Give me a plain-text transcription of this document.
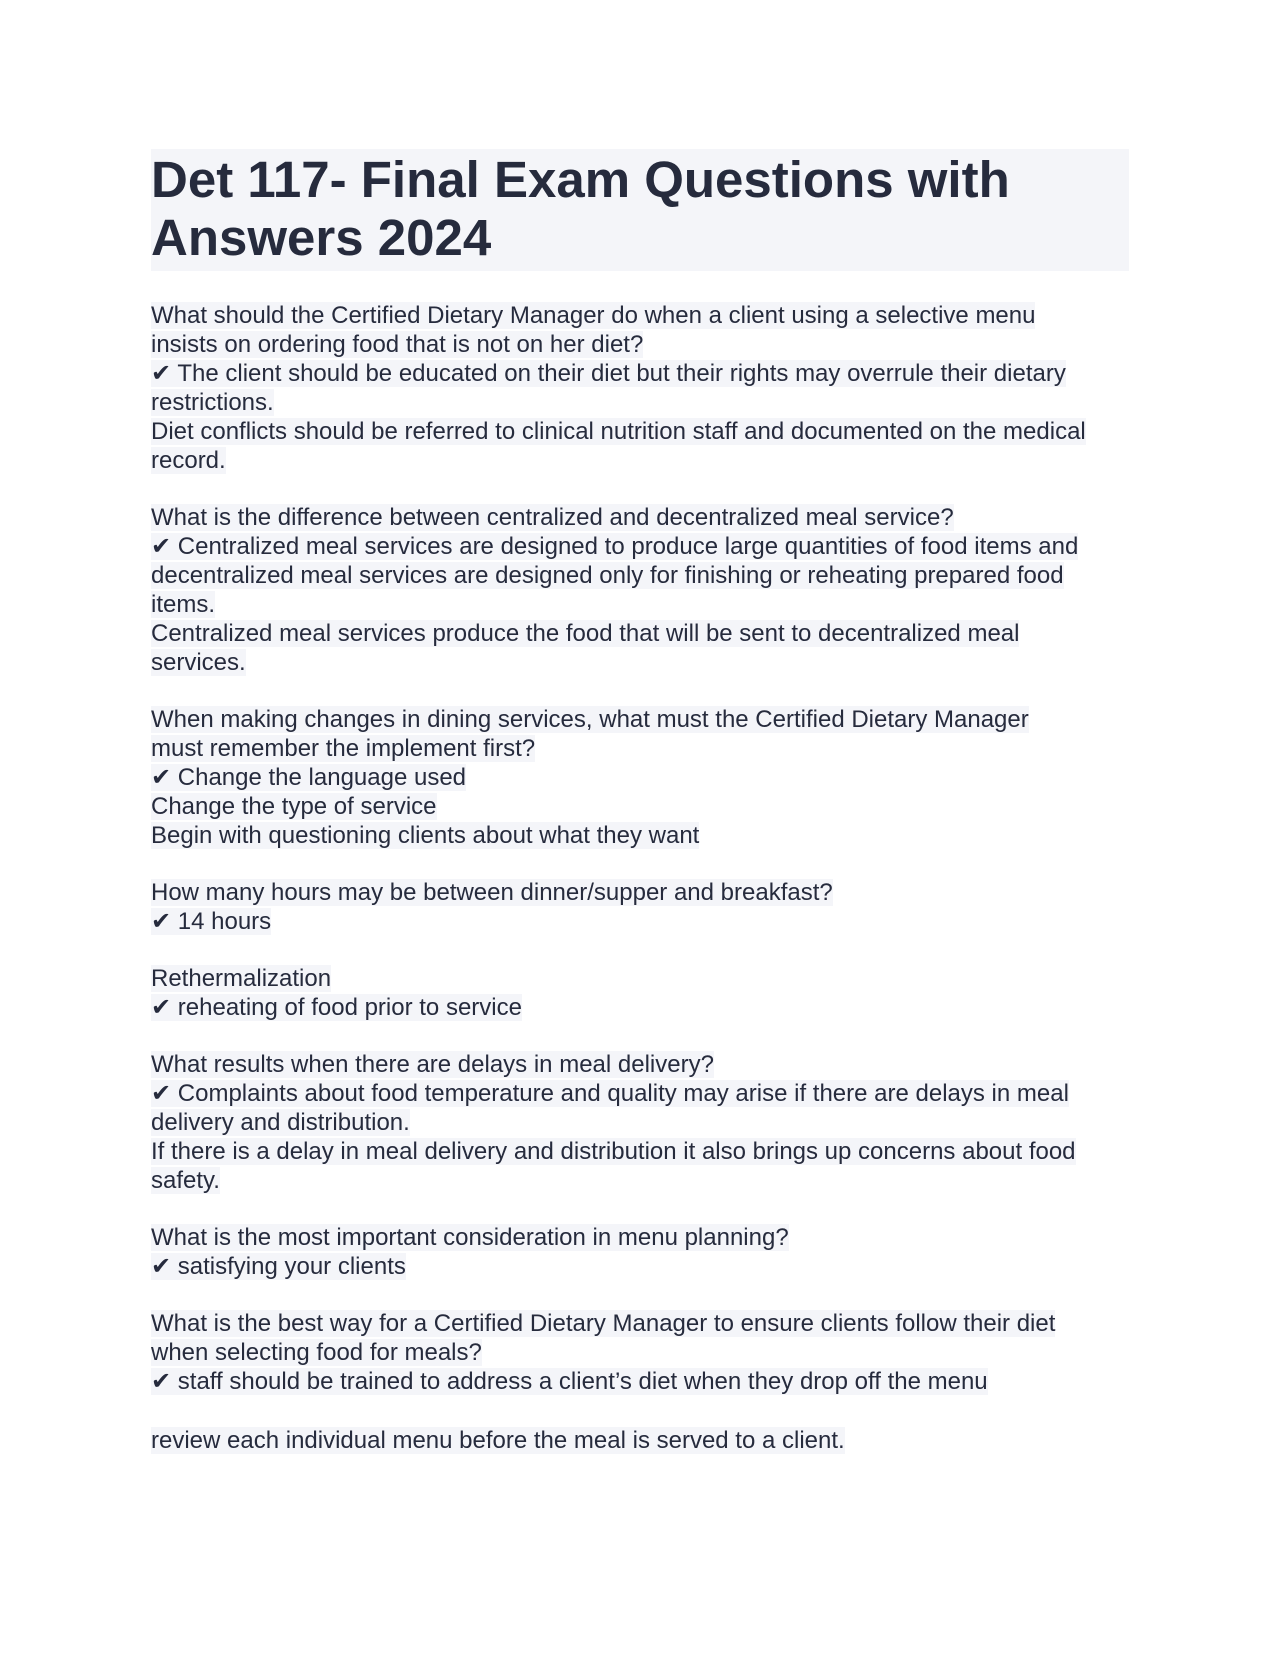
Det 117- Final Exam Questions with
Answers 2024
What should the Certified Dietary Manager do when a client using a selective menu
insists on ordering food that is not on her diet?
✔ The client should be educated on their diet but their rights may overrule their dietary
restrictions.
Diet conflicts should be referred to clinical nutrition staff and documented on the medical
record.
What is the difference between centralized and decentralized meal service?
✔ Centralized meal services are designed to produce large quantities of food items and
decentralized meal services are designed only for finishing or reheating prepared food
items.
Centralized meal services produce the food that will be sent to decentralized meal
services.
When making changes in dining services, what must the Certified Dietary Manager
must remember the implement first?
✔ Change the language used
Change the type of service
Begin with questioning clients about what they want
How many hours may be between dinner/supper and breakfast?
✔ 14 hours
Rethermalization
✔ reheating of food prior to service
What results when there are delays in meal delivery?
✔ Complaints about food temperature and quality may arise if there are delays in meal
delivery and distribution.
If there is a delay in meal delivery and distribution it also brings up concerns about food
safety.
What is the most important consideration in menu planning?
✔ satisfying your clients
What is the best way for a Certified Dietary Manager to ensure clients follow their diet
when selecting food for meals?
✔ staff should be trained to address a client’s diet when they drop off the menu
review each individual menu before the meal is served to a client.
